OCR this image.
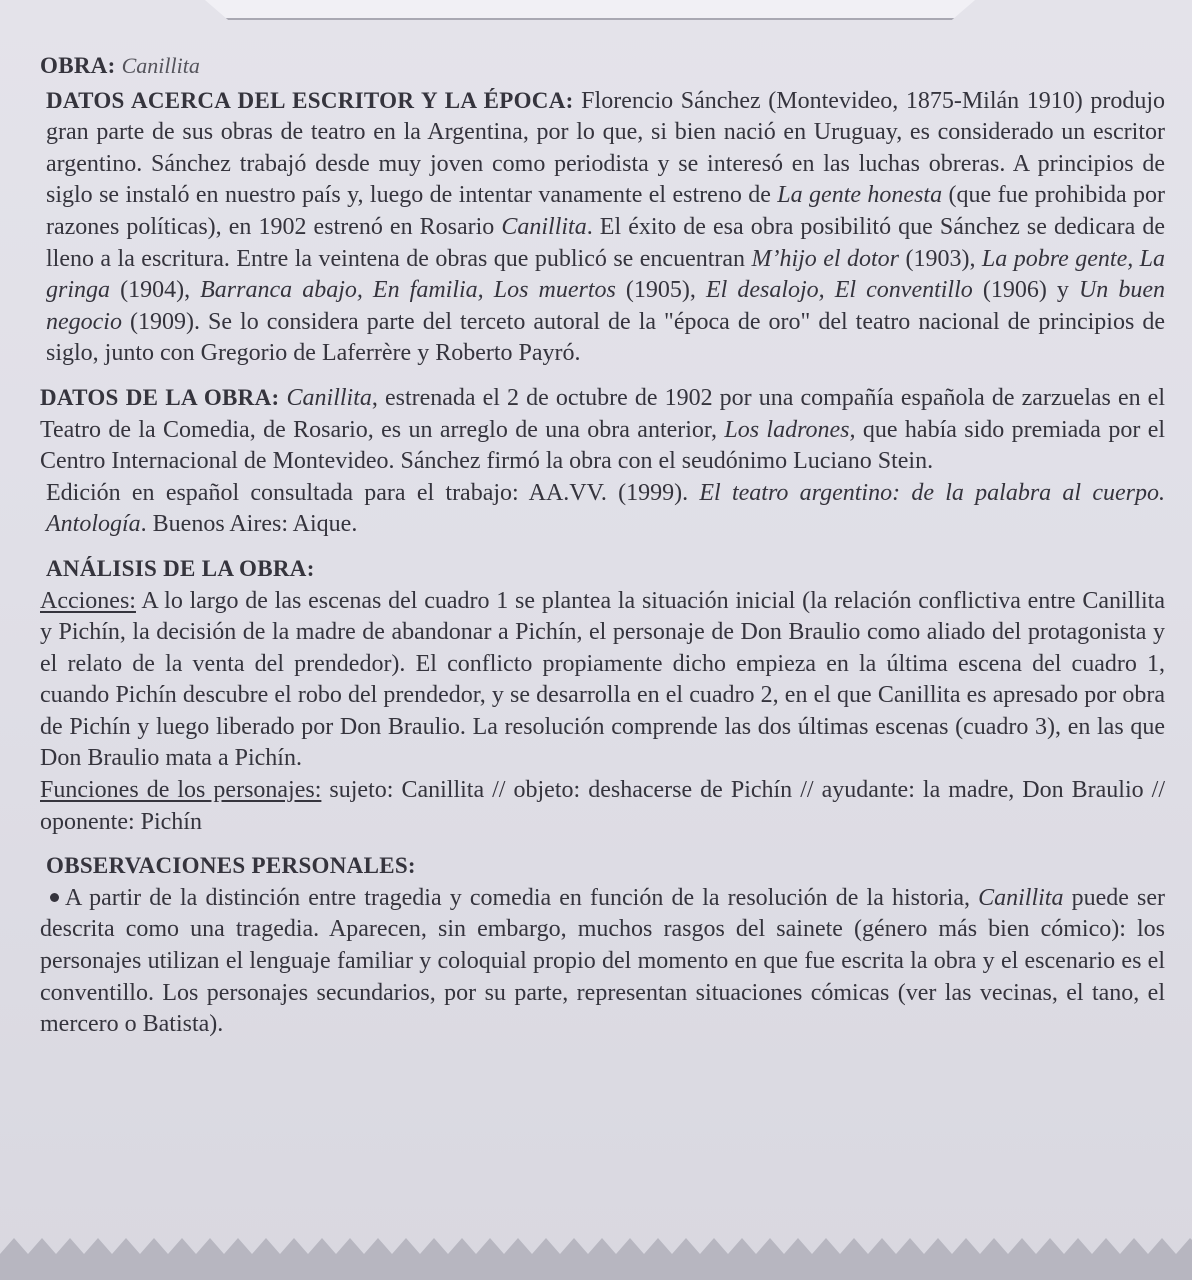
OBRA: Canillita

DATOS ACERCA DEL ESCRITOR Y LA ÉPOCA: Florencio Sánchez (Montevideo, 1875-Milán 1910) produjo gran parte de sus obras de teatro en la Argentina, por lo que, si bien nació en Uruguay, es considerado un escritor argentino. Sánchez trabajó desde muy joven como periodista y se interesó en las luchas obreras. A principios de siglo se instaló en nuestro país y, luego de intentar vanamente el estreno de La gente honesta (que fue prohibida por razones políticas), en 1902 estrenó en Rosario Canillita. El éxito de esa obra posibilitó que Sánchez se dedicara de lleno a la escritura. Entre la veintena de obras que publicó se encuentran M’hijo el dotor (1903), La pobre gente, La gringa (1904), Barranca abajo, En familia, Los muertos (1905), El desalojo, El conventillo (1906) y Un buen negocio (1909). Se lo considera parte del terceto autoral de la "época de oro" del teatro nacional de principios de siglo, junto con Gregorio de Laferrère y Roberto Payró.

DATOS DE LA OBRA: Canillita, estrenada el 2 de octubre de 1902 por una compañía española de zarzuelas en el Teatro de la Comedia, de Rosario, es un arreglo de una obra anterior, Los ladrones, que había sido premiada por el Centro Internacional de Montevideo. Sánchez firmó la obra con el seudónimo Luciano Stein.

Edición en español consultada para el trabajo: AA.VV. (1999). El teatro argentino: de la palabra al cuerpo. Antología. Buenos Aires: Aique.

ANÁLISIS DE LA OBRA:

Acciones: A lo largo de las escenas del cuadro 1 se plantea la situación inicial (la relación conflictiva entre Canillita y Pichín, la decisión de la madre de abandonar a Pichín, el personaje de Don Braulio como aliado del protagonista y el relato de la venta del prendedor). El conflicto propiamente dicho empieza en la última escena del cuadro 1, cuando Pichín descubre el robo del prendedor, y se desarrolla en el cuadro 2, en el que Canillita es apresado por obra de Pichín y luego liberado por Don Braulio. La resolución comprende las dos últimas escenas (cuadro 3), en las que Don Braulio mata a Pichín.

Funciones de los personajes: sujeto: Canillita // objeto: deshacerse de Pichín // ayudante: la madre, Don Braulio // oponente: Pichín

OBSERVACIONES PERSONALES:

A partir de la distinción entre tragedia y comedia en función de la resolución de la historia, Canillita puede ser descrita como una tragedia. Aparecen, sin embargo, muchos rasgos del sainete (género más bien cómico): los personajes utilizan el lenguaje familiar y coloquial propio del momento en que fue escrita la obra y el escenario es el conventillo. Los personajes secundarios, por su parte, representan situaciones cómicas (ver las vecinas, el tano, el mercero o Batista).
